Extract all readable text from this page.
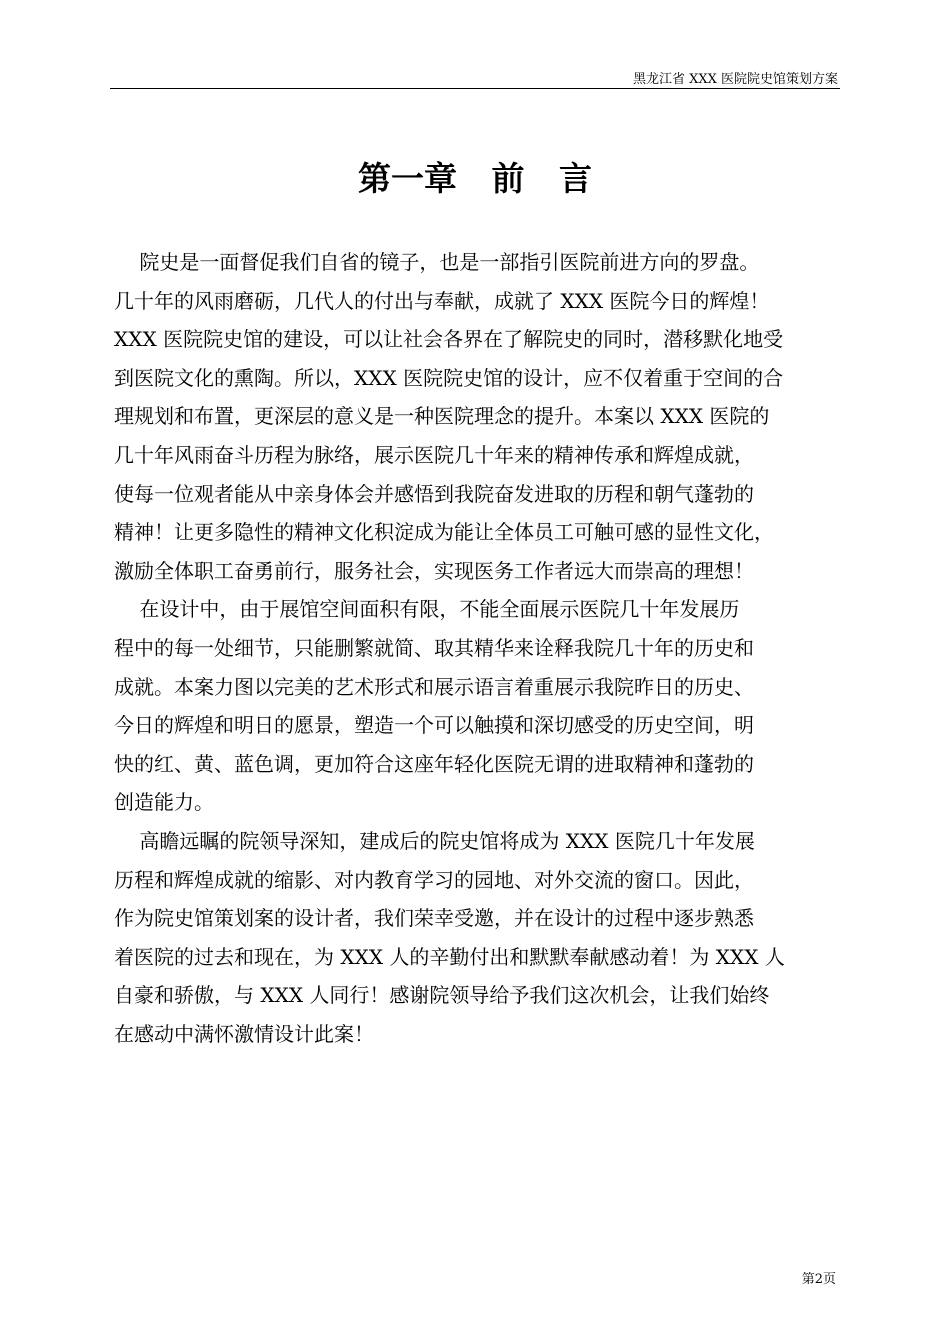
黑龙江省 XXX 医院院史馆策划方案
第一章   前   言

院史是一面督促我们自省的镜子，也是一部指引医院前进方向的罗盘。
几十年的风雨磨砺，几代人的付出与奉献，成就了 XXX 医院今日的辉煌！
XXX 医院院史馆的建设，可以让社会各界在了解院史的同时，潜移默化地受
到医院文化的熏陶。所以，XXX 医院院史馆的设计，应不仅着重于空间的合
理规划和布置，更深层的意义是一种医院理念的提升。本案以 XXX 医院的
几十年风雨奋斗历程为脉络，展示医院几十年来的精神传承和辉煌成就，
使每一位观者能从中亲身体会并感悟到我院奋发进取的历程和朝气蓬勃的
精神！让更多隐性的精神文化积淀成为能让全体员工可触可感的显性文化，
激励全体职工奋勇前行，服务社会，实现医务工作者远大而崇高的理想！

在设计中，由于展馆空间面积有限，不能全面展示医院几十年发展历
程中的每一处细节，只能删繁就简、取其精华来诠释我院几十年的历史和
成就。本案力图以完美的艺术形式和展示语言着重展示我院昨日的历史、
今日的辉煌和明日的愿景，塑造一个可以触摸和深切感受的历史空间，明
快的红、黄、蓝色调，更加符合这座年轻化医院无谓的进取精神和蓬勃的
创造能力。

高瞻远瞩的院领导深知，建成后的院史馆将成为 XXX 医院几十年发展
历程和辉煌成就的缩影、对内教育学习的园地、对外交流的窗口。因此，
作为院史馆策划案的设计者，我们荣幸受邀，并在设计的过程中逐步熟悉
着医院的过去和现在，为 XXX 人的辛勤付出和默默奉献感动着！为 XXX 人
自豪和骄傲，与 XXX 人同行！感谢院领导给予我们这次机会，让我们始终
在感动中满怀激情设计此案！

第2页
